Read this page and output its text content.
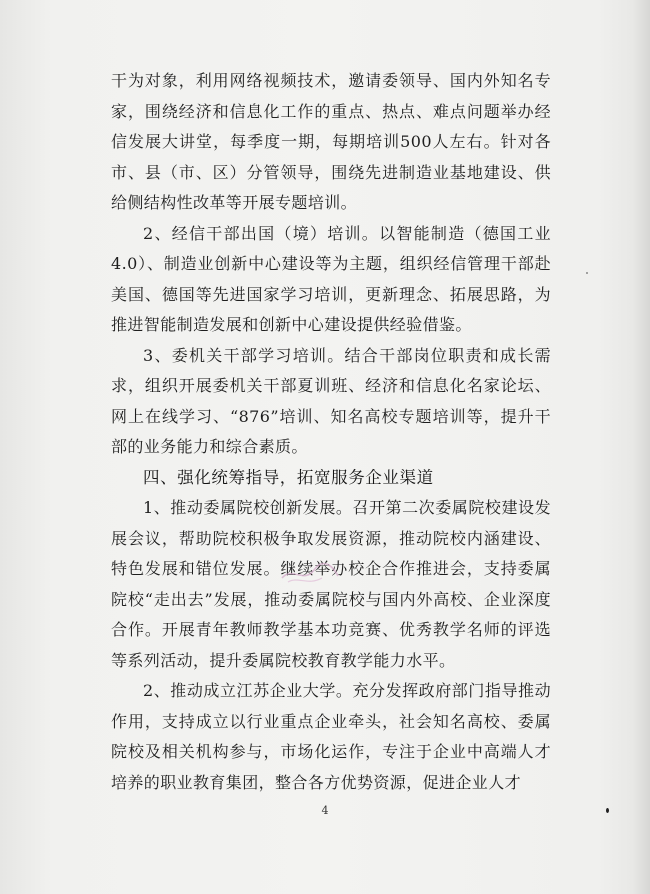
干为对象，利用网络视频技术，邀请委领导、国内外知名专家，围绕经济和信息化工作的重点、热点、难点问题举办经信发展大讲堂，每季度一期，每期培训500人左右。针对各市、县（市、区）分管领导，围绕先进制造业基地建设、供给侧结构性改革等开展专题培训。

2、经信干部出国（境）培训。以智能制造（德国工业4.0）、制造业创新中心建设等为主题，组织经信管理干部赴美国、德国等先进国家学习培训，更新理念、拓展思路，为推进智能制造发展和创新中心建设提供经验借鉴。

3、委机关干部学习培训。结合干部岗位职责和成长需求，组织开展委机关干部夏训班、经济和信息化名家论坛、网上在线学习、“876”培训、知名高校专题培训等，提升干部的业务能力和综合素质。

四、强化统筹指导，拓宽服务企业渠道

1、推动委属院校创新发展。召开第二次委属院校建设发展会议，帮助院校积极争取发展资源，推动院校内涵建设、特色发展和错位发展。继续举办校企合作推进会，支持委属院校“走出去”发展，推动委属院校与国内外高校、企业深度合作。开展青年教师教学基本功竞赛、优秀教学名师的评选等系列活动，提升委属院校教育教学能力水平。

2、推动成立江苏企业大学。充分发挥政府部门指导推动作用，支持成立以行业重点企业牵头，社会知名高校、委属院校及相关机构参与，市场化运作，专注于企业中高端人才培养的职业教育集团，整合各方优势资源，促进企业人才

4
